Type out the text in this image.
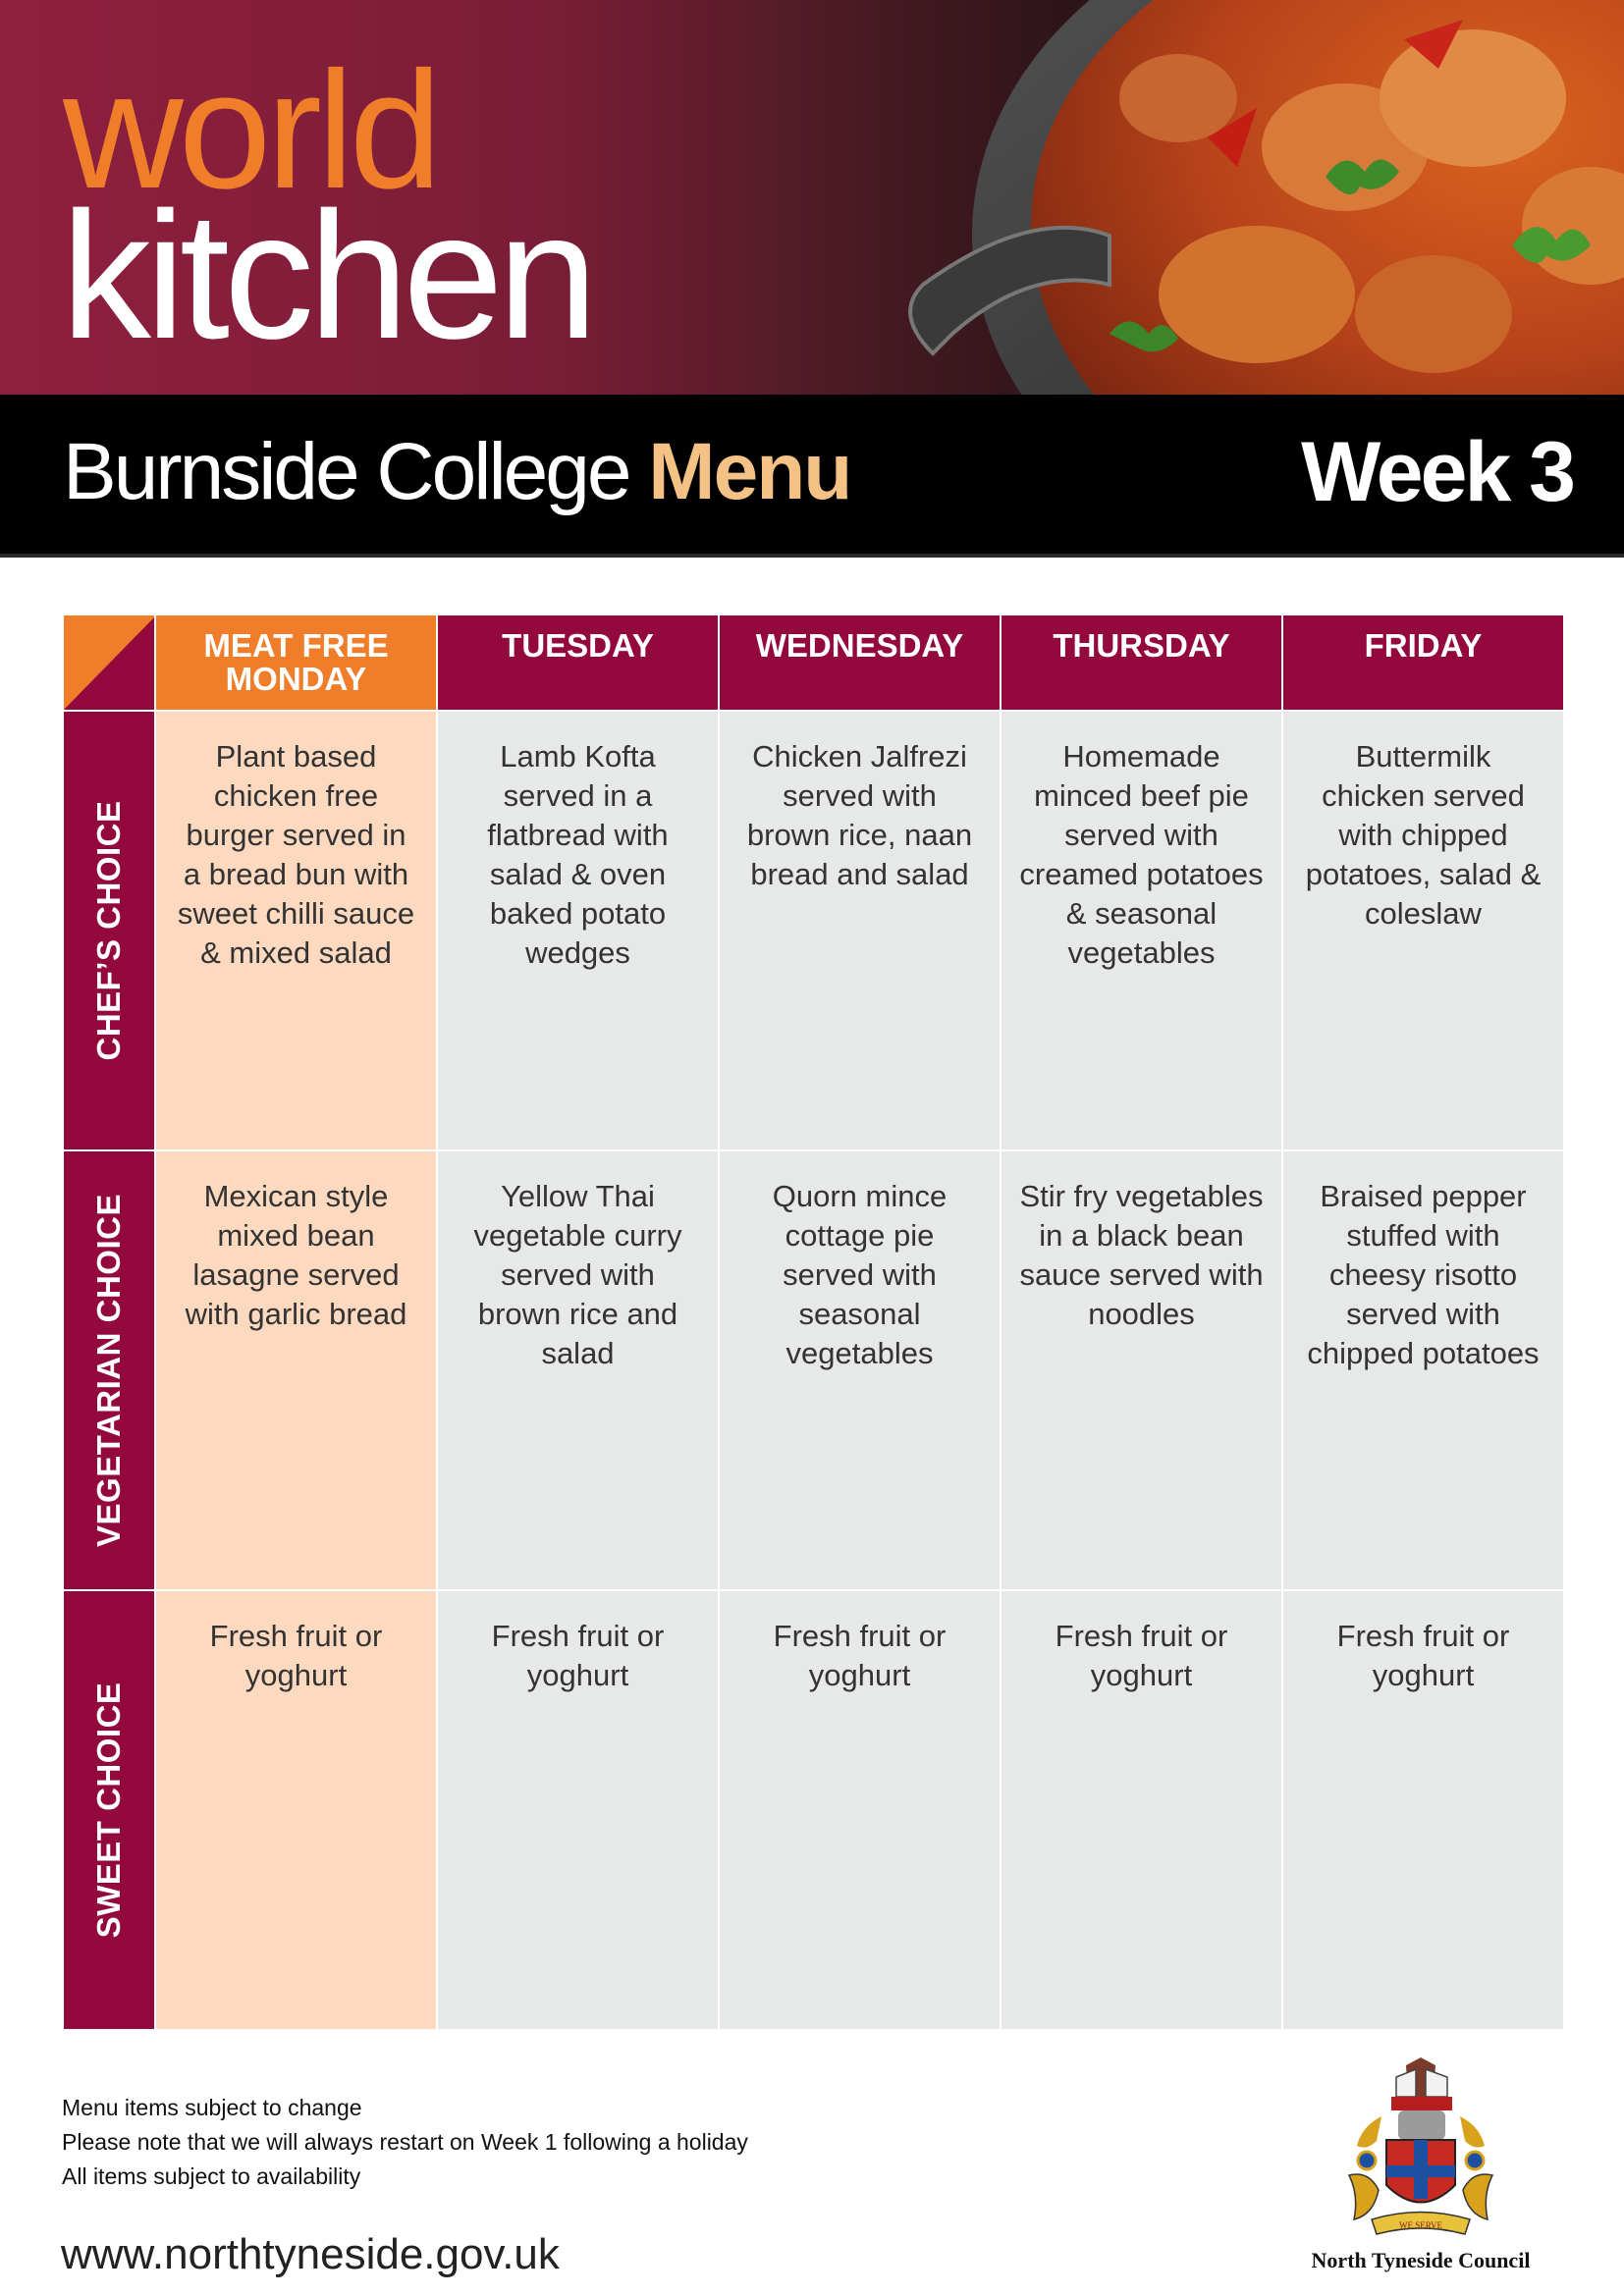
world
kitchen
Burnside College Menu	Week 3
	MEAT FREE MONDAY	TUESDAY	WEDNESDAY	THURSDAY	FRIDAY

CHEF’S CHOICE	Plant based chicken free burger served in a bread bun with sweet chilli sauce & mixed salad	Lamb Kofta served in a flatbread with salad & oven baked potato wedges	Chicken Jalfrezi served with brown rice, naan bread and salad	Homemade minced beef pie served with creamed potatoes & seasonal vegetables	Buttermilk chicken served with chipped potatoes, salad & coleslaw

VEGETARIAN CHOICE	Mexican style mixed bean lasagne served with garlic bread	Yellow Thai vegetable curry served with brown rice and salad	Quorn mince cottage pie served with seasonal vegetables	Stir fry vegetables in a black bean sauce served with noodles	Braised pepper stuffed with cheesy risotto served with chipped potatoes

SWEET CHOICE	Fresh fruit or yoghurt	Fresh fruit or yoghurt	Fresh fruit or yoghurt	Fresh fruit or yoghurt	Fresh fruit or yoghurt
Menu items subject to change
Please note that we will always restart on Week 1 following a holiday
All items subject to availability
www.northtyneside.gov.uk
WE SERVE
North Tyneside Council
